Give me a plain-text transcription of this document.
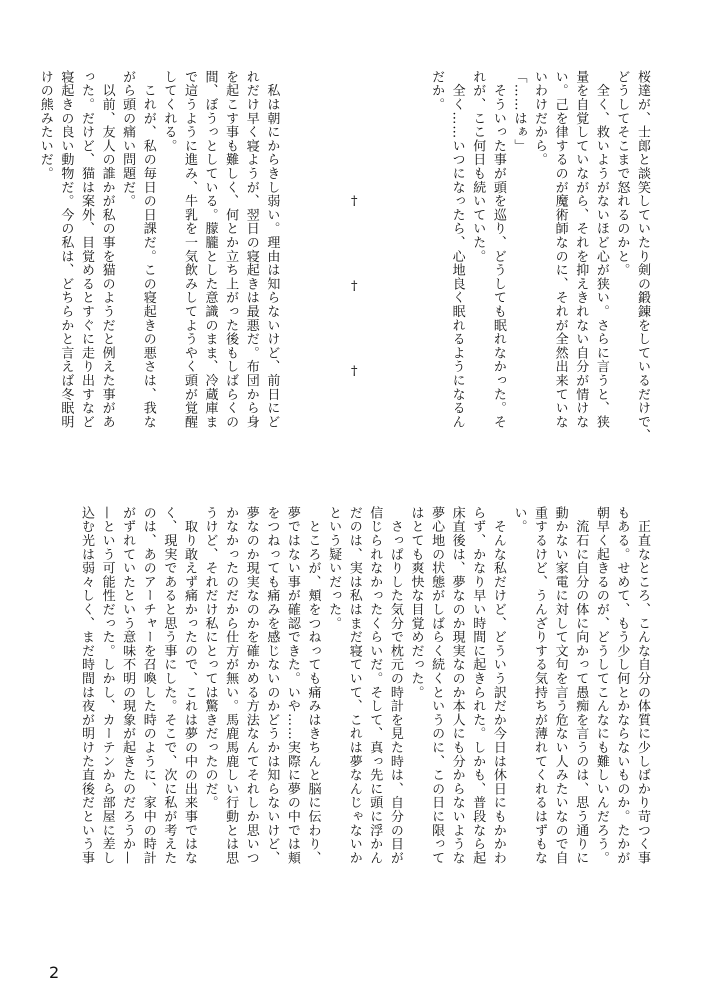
桜達が、士郎と談笑していたり剣の鍛錬をしているだけで、
どうしてそこまで怒れるのかと。
　全く、救いようがないほど心が狭い。さらに言うと、狭
量を自覚していながら、それを抑えきれない自分が情けな
い。己を律するのが魔術師なのに、それが全然出来ていな
いわけだから。
「……はぁ」
　そういった事が頭を巡り、どうしても眠れなかった。そ
れが、ここ何日も続いていた。
　全く……いつになったら、心地良く眠れるようになるん
だか。

　　　　　　　　　†　　　　　†　　　　　†

　私は朝にからきし弱い。理由は知らないけど、前日にど
れだけ早く寝ようが、翌日の寝起きは最悪だ。布団から身
を起こす事も難しく、何とか立ち上がった後もしばらくの
間、ぼうっとしている。朦朧とした意識のまま、冷蔵庫ま
で這うように進み、牛乳を一気飲みしてようやく頭が覚醒
してくれる。
　これが、私の毎日の日課だ。この寝起きの悪さは、我な
がら頭の痛い問題だ。
　以前、友人の誰かが私の事を猫のようだと例えた事があ
った。だけど、猫は案外、目覚めるとすぐに走り出すなど
寝起きの良い動物だ。今の私は、どちらかと言えば冬眠明
けの熊みたいだ。
　正直なところ、こんな自分の体質に少しばかり苛つく事
もある。せめて、もう少し何とかならないものか。たかが
朝早く起きるのが、どうしてこんなにも難しいんだろう。
　流石に自分の体に向かって愚痴を言うのは、思う通りに
動かない家電に対して文句を言う危ない人みたいなので自
重するけど、うんざりする気持ちが薄れてくれるはずもな
い。
　そんな私だけど、どういう訳だか今日は休日にもかかわ
らず、かなり早い時間に起きられた。しかも、普段なら起
床直後は、夢なのか現実なのか本人にも分からないような
夢心地の状態がしばらく続くというのに、この日に限って
はとても爽快な目覚めだった。
　さっぱりした気分で枕元の時計を見た時は、自分の目が
信じられなかったくらいだ。そして、真っ先に頭に浮かん
だのは、実は私はまだ寝ていて、これは夢なんじゃないか
という疑いだった。
　ところが、頬をつねっても痛みはきちんと脳に伝わり、
夢ではない事が確認できた。いや……実際に夢の中では頬
をつねっても痛みを感じないのかどうかは知らないけど、
夢なのか現実なのかを確かめる方法なんてそれしか思いつ
かなかったのだから仕方が無い。馬鹿馬鹿しい行動とは思
うけど、それだけ私にとっては驚きだったのだ。
　取り敢えず痛かったので、これは夢の中の出来事ではな
く、現実であると思う事にした。そこで、次に私が考えた
のは、あのアーチャーを召喚した時のように、家中の時計
がずれていたという意味不明の現象が起きたのだろうか—
—という可能性だった。しかし、カーテンから部屋に差し
込む光は弱々しく、まだ時間は夜が明けた直後だという事
2
